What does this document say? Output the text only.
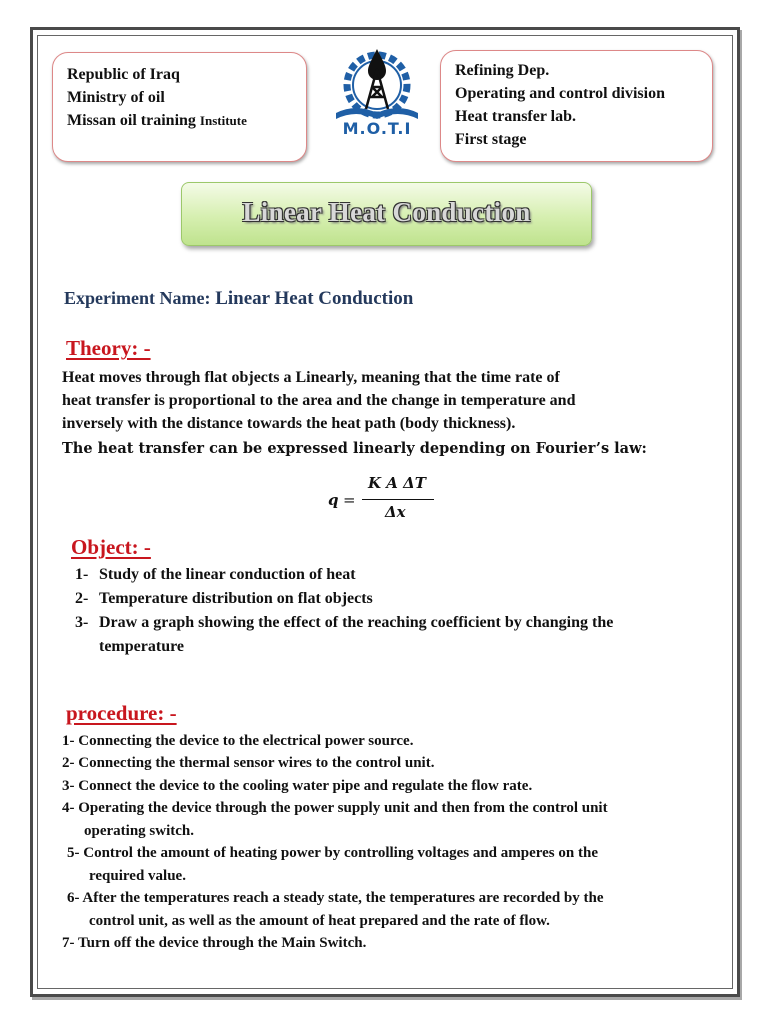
Republic of Iraq
Ministry of oil
Missan oil training Institute	M.O.T.I
Refining Dep.
Operating and control division
Heat transfer lab.
First stage
Linear Heat Conduction
Experiment Name: Linear Heat Conduction
Theory: -
Heat moves through flat objects a Linearly, meaning that the time rate of
heat transfer is proportional to the area and the change in temperature and
inversely with the distance towards the heat path (body thickness).
The heat transfer can be expressed linearly depending on Fourier’s law:
q =
K A ΔT
Δx
Object: -
1- Study of the linear conduction of heat
2- Temperature distribution on flat objects
3- Draw a graph showing the effect of the reaching coefficient by changing the
temperature
procedure: -
1- Connecting the device to the electrical power source.
2- Connecting the thermal sensor wires to the control unit.
3- Connect the device to the cooling water pipe and regulate the flow rate.
4- Operating the device through the power supply unit and then from the control unit
operating switch.
5- Control the amount of heating power by controlling voltages and amperes on the
required value.
6- After the temperatures reach a steady state, the temperatures are recorded by the
control unit, as well as the amount of heat prepared and the rate of flow.
7- Turn off the device through the Main Switch.
